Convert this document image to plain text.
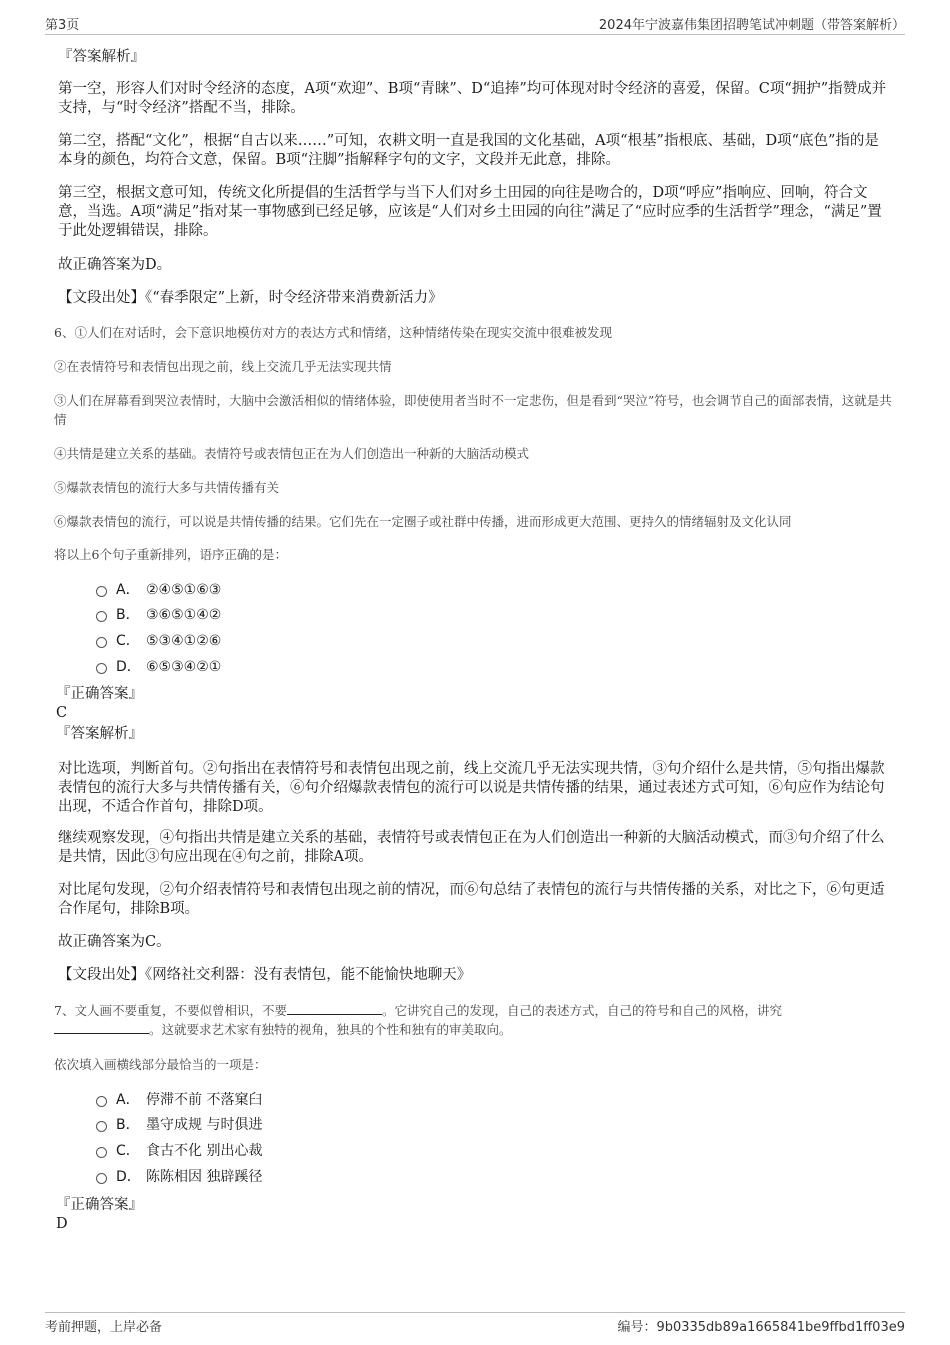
第3页	2024年宁波嘉伟集团招聘笔试冲刺题（带答案解析）
『答案解析』

第一空，形容人们对时令经济的态度，A项“欢迎”、B项“青睐”、D“追捧”均可体现对时令经济的喜爱，保留。C项“拥护”指赞成并支持，与“时令经济”搭配不当，排除。

第二空，搭配“文化”，根据“自古以来……”可知，农耕文明一直是我国的文化基础，A项“根基”指根底、基础，D项“底色”指的是本身的颜色，均符合文意，保留。B项“注脚”指解释字句的文字，文段并无此意，排除。

第三空，根据文意可知，传统文化所提倡的生活哲学与当下人们对乡土田园的向往是吻合的，D项“呼应”指响应、回响，符合文意，当选。A项“满足”指对某一事物感到已经足够，应该是“人们对乡土田园的向往”满足了“应时应季的生活哲学”理念，“满足”置于此处逻辑错误，排除。

故正确答案为D。

【文段出处】《“春季限定”上新，时令经济带来消费新活力》

6、①人们在对话时，会下意识地模仿对方的表达方式和情绪，这种情绪传染在现实交流中很难被发现
②在表情符号和表情包出现之前，线上交流几乎无法实现共情
③人们在屏幕看到哭泣表情时，大脑中会激活相似的情绪体验，即使使用者当时不一定悲伤，但是看到“哭泣”符号，也会调节自己的面部表情，这就是共情
④共情是建立关系的基础。表情符号或表情包正在为人们创造出一种新的大脑活动模式
⑤爆款表情包的流行大多与共情传播有关
⑥爆款表情包的流行，可以说是共情传播的结果。它们先在一定圈子或社群中传播，进而形成更大范围、更持久的情绪辐射及文化认同
将以上6个句子重新排列，语序正确的是：
A． ②④⑤①⑥③
B． ③⑥⑤①④②
C． ⑤③④①②⑥
D． ⑥⑤③④②①
『正确答案』
C
『答案解析』

对比选项，判断首句。②句指出在表情符号和表情包出现之前，线上交流几乎无法实现共情，③句介绍什么是共情，⑤句指出爆款表情包的流行大多与共情传播有关，⑥句介绍爆款表情包的流行可以说是共情传播的结果，通过表述方式可知，⑥句应作为结论句出现，不适合作首句，排除D项。

继续观察发现，④句指出共情是建立关系的基础，表情符号或表情包正在为人们创造出一种新的大脑活动模式，而③句介绍了什么是共情，因此③句应出现在④句之前，排除A项。

对比尾句发现，②句介绍表情符号和表情包出现之前的情况，而⑥句总结了表情包的流行与共情传播的关系，对比之下，⑥句更适合作尾句，排除B项。

故正确答案为C。

【文段出处】《网络社交利器：没有表情包，能不能愉快地聊天》

7、文人画不要重复，不要似曾相识，不要	。它讲究自己的发现，自己的表述方式，自己的符号和自己的风格，讲究
。这就要求艺术家有独特的视角，独具的个性和独有的审美取向。
依次填入画横线部分最恰当的一项是：
A． 停滞不前 不落窠臼
B． 墨守成规 与时俱进
C． 食古不化 别出心裁
D． 陈陈相因 独辟蹊径
『正确答案』
D
考前押题，上岸必备	编号：9b0335db89a1665841be9ffbd1ff03e9
